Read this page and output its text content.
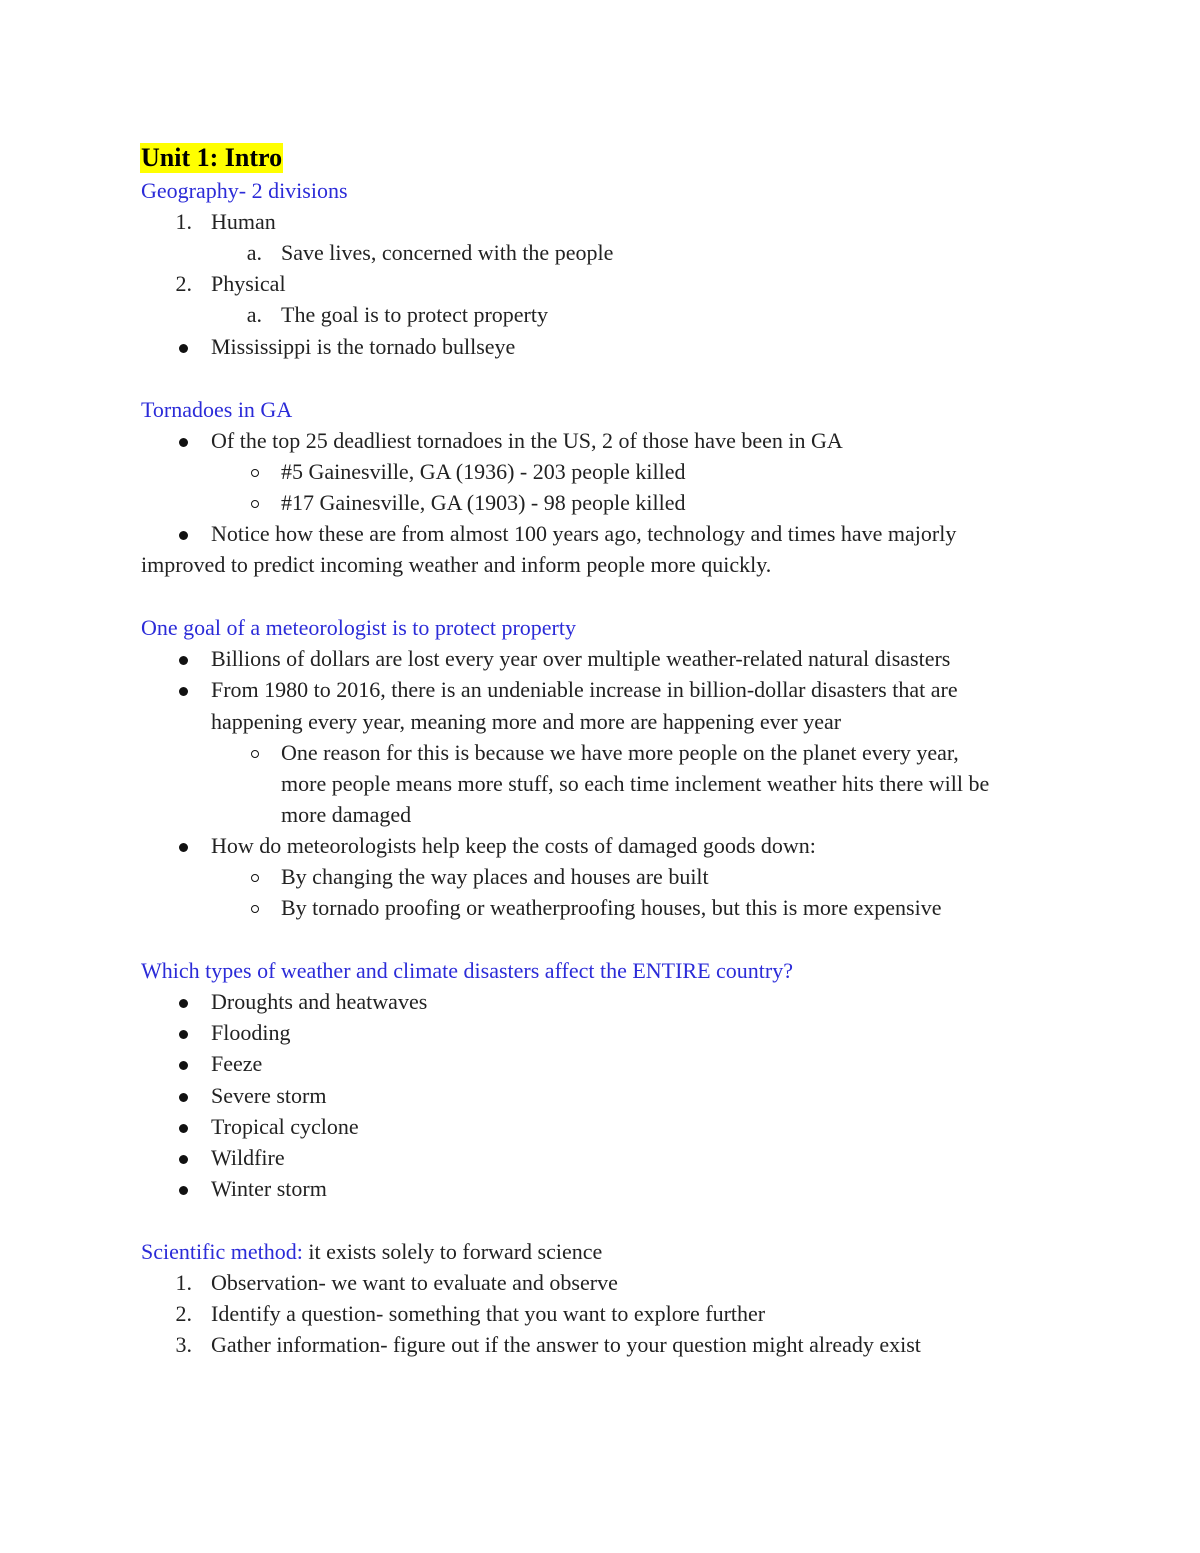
Unit 1: Intro
Geography- 2 divisions
1. Human
a. Save lives, concerned with the people
2. Physical
a. The goal is to protect property
Mississippi is the tornado bullseye
Tornadoes in GA
Of the top 25 deadliest tornadoes in the US, 2 of those have been in GA
#5 Gainesville, GA (1936) - 203 people killed
#17 Gainesville, GA (1903) - 98 people killed
Notice how these are from almost 100 years ago, technology and times have majorly
improved to predict incoming weather and inform people more quickly.
One goal of a meteorologist is to protect property
Billions of dollars are lost every year over multiple weather-related natural disasters
From 1980 to 2016, there is an undeniable increase in billion-dollar disasters that are
happening every year, meaning more and more are happening ever year
One reason for this is because we have more people on the planet every year,
more people means more stuff, so each time inclement weather hits there will be
more damaged
How do meteorologists help keep the costs of damaged goods down:
By changing the way places and houses are built
By tornado proofing or weatherproofing houses, but this is more expensive
Which types of weather and climate disasters affect the ENTIRE country?
Droughts and heatwaves
Flooding
Feeze
Severe storm
Tropical cyclone
Wildfire
Winter storm
Scientific method: it exists solely to forward science
1. Observation- we want to evaluate and observe
2. Identify a question- something that you want to explore further
3. Gather information- figure out if the answer to your question might already exist
